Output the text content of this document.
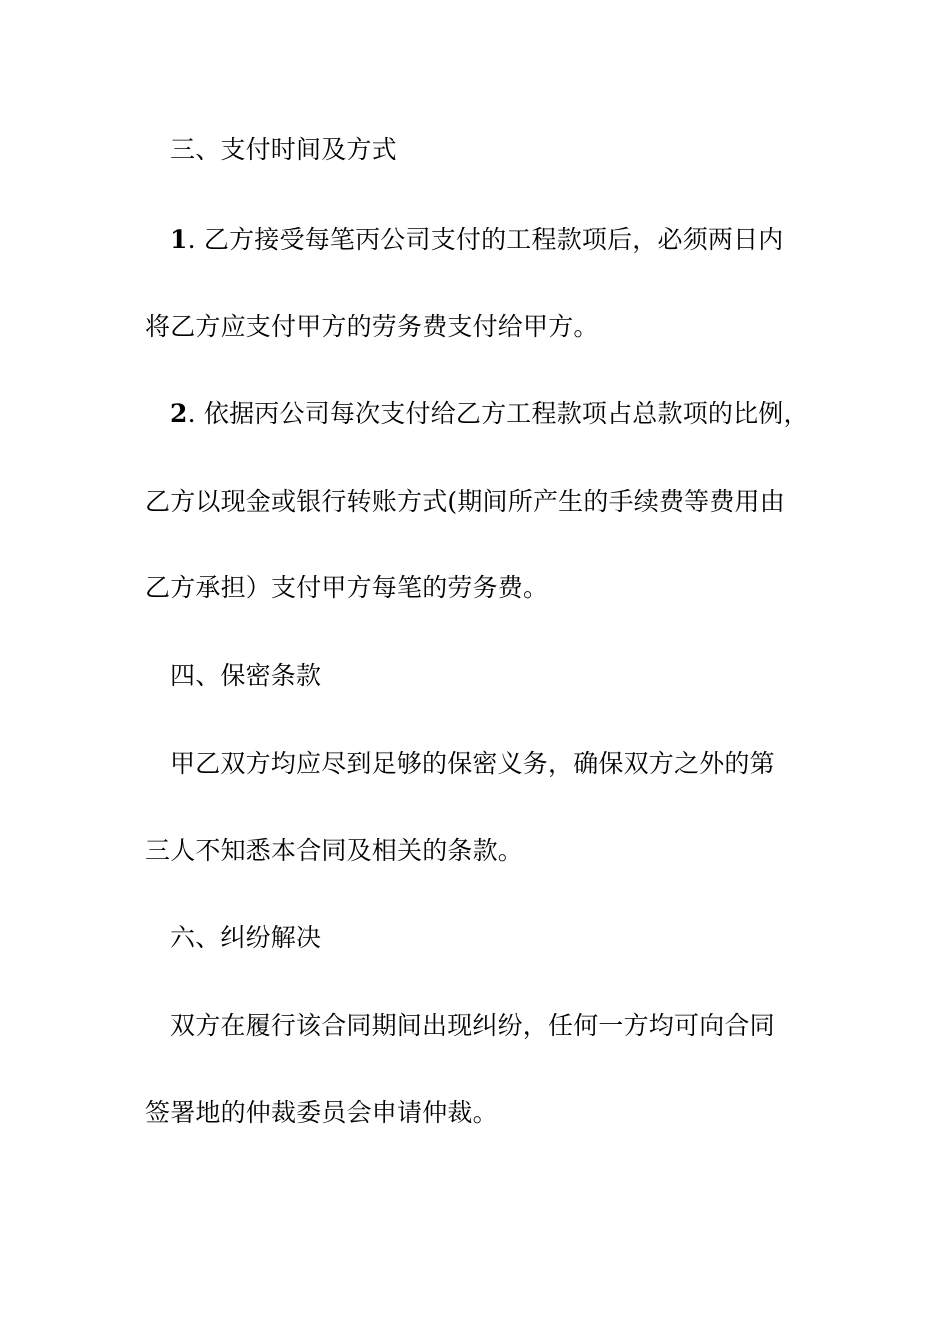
三、支付时间及方式
1. 乙方接受每笔丙公司支付的工程款项后，必须两日内
将乙方应支付甲方的劳务费支付给甲方。
2. 依据丙公司每次支付给乙方工程款项占总款项的比例，
乙方以现金或银行转账方式(期间所产生的手续费等费用由
乙方承担）支付甲方每笔的劳务费。
四、保密条款
甲乙双方均应尽到足够的保密义务，确保双方之外的第
三人不知悉本合同及相关的条款。
六、纠纷解决
双方在履行该合同期间出现纠纷，任何一方均可向合同
签署地的仲裁委员会申请仲裁。
